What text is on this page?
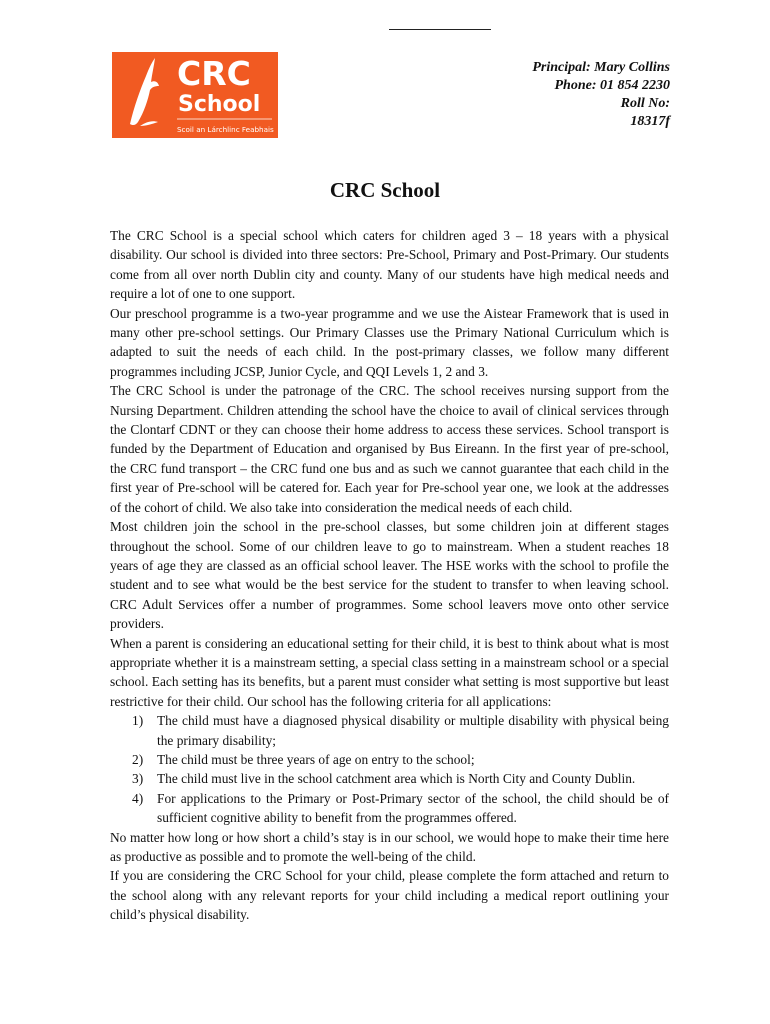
CRC
School
Scoil an Lárchlinc Feabhais
Principal: Mary Collins
Phone: 01 854 2230
Roll No:
18317f
CRC School

The CRC School is a special school which caters for children aged 3 – 18 years with a physical disability. Our school is divided into three sectors: Pre-School, Primary and Post-Primary. Our students come from all over north Dublin city and county. Many of our students have high medical needs and require a lot of one to one support.

Our preschool programme is a two-year programme and we use the Aistear Framework that is used in many other pre-school settings. Our Primary Classes use the Primary National Curriculum which is adapted to suit the needs of each child. In the post-primary classes, we follow many different programmes including JCSP, Junior Cycle, and QQI Levels 1, 2 and 3.

The CRC School is under the patronage of the CRC. The school receives nursing support from the Nursing Department. Children attending the school have the choice to avail of clinical services through the Clontarf CDNT or they can choose their home address to access these services. School transport is funded by the Department of Education and organised by Bus Eireann. In the first year of pre-school, the CRC fund transport – the CRC fund one bus and as such we cannot guarantee that each child in the first year of Pre-school will be catered for. Each year for Pre-school year one, we look at the addresses of the cohort of child. We also take into consideration the medical needs of each child.

Most children join the school in the pre-school classes, but some children join at different stages throughout the school. Some of our children leave to go to mainstream. When a student reaches 18 years of age they are classed as an official school leaver. The HSE works with the school to profile the student and to see what would be the best service for the student to transfer to when leaving school. CRC Adult Services offer a number of programmes. Some school leavers move onto other service providers.

When a parent is considering an educational setting for their child, it is best to think about what is most appropriate whether it is a mainstream setting, a special class setting in a mainstream school or a special school. Each setting has its benefits, but a parent must consider what setting is most supportive but least restrictive for their child. Our school has the following criteria for all applications:

1) The child must have a diagnosed physical disability or multiple disability with physical being the primary disability;
2) The child must be three years of age on entry to the school;
3) The child must live in the school catchment area which is North City and County Dublin.
4) For applications to the Primary or Post-Primary sector of the school, the child should be of sufficient cognitive ability to benefit from the programmes offered.

No matter how long or how short a child’s stay is in our school, we would hope to make their time here as productive as possible and to promote the well-being of the child.

If you are considering the CRC School for your child, please complete the form attached and return to the school along with any relevant reports for your child including a medical report outlining your child’s physical disability.
